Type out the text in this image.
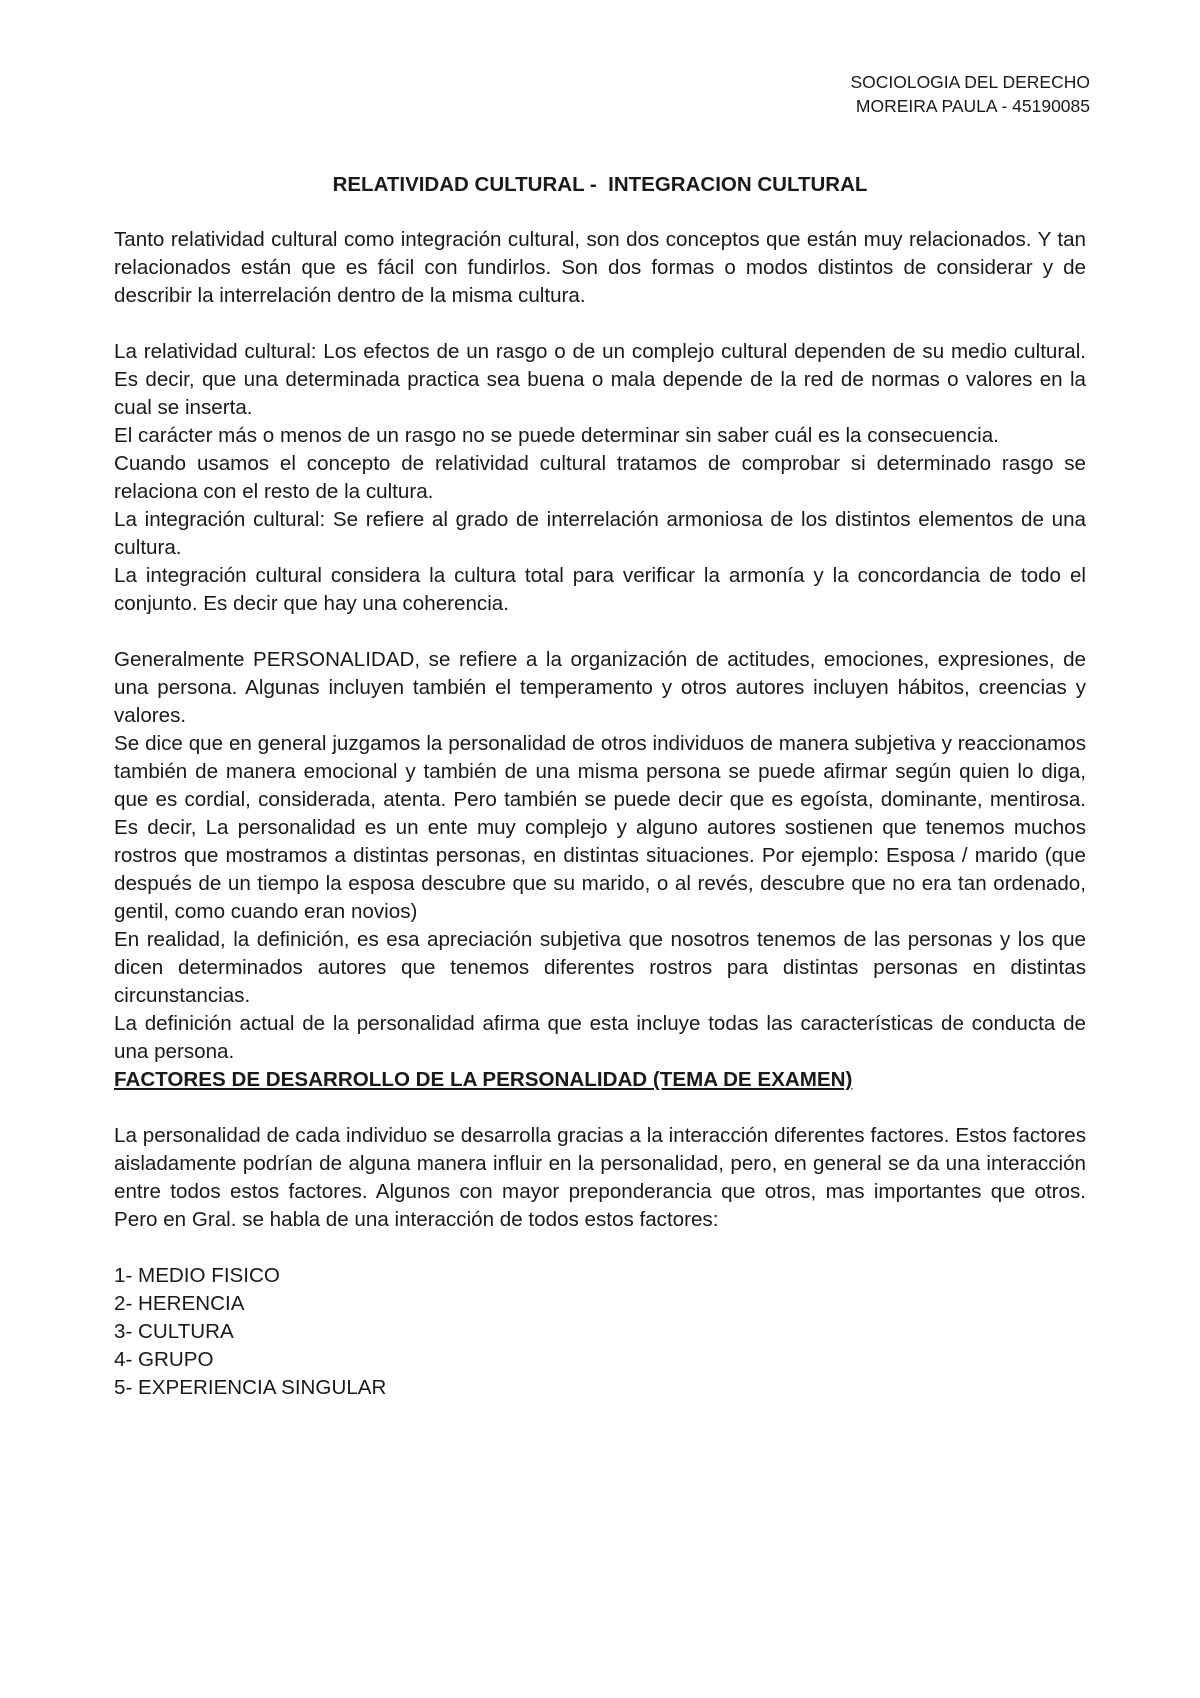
SOCIOLOGIA DEL DERECHO
MOREIRA PAULA - 45190085
RELATIVIDAD CULTURAL -  INTEGRACION CULTURAL

Tanto relatividad cultural como integración cultural, son dos conceptos que están muy relacionados. Y tan relacionados están que es fácil con fundirlos. Son dos formas o modos distintos de considerar y de describir la interrelación dentro de la misma cultura.

La relatividad cultural: Los efectos de un rasgo o de un complejo cultural dependen de su medio cultural. Es decir, que una determinada practica sea buena o mala depende de la red de normas o valores en la cual se inserta.

El carácter más o menos de un rasgo no se puede determinar sin saber cuál es la consecuencia.

Cuando usamos el concepto de relatividad cultural tratamos de comprobar si determinado rasgo se relaciona con el resto de la cultura.

La integración cultural: Se refiere al grado de interrelación armoniosa de los distintos elementos de una cultura.

La integración cultural considera la cultura total para verificar la armonía y la concordancia de todo el conjunto. Es decir que hay una coherencia.

Generalmente PERSONALIDAD, se refiere a la organización de actitudes, emociones, expresiones, de una persona. Algunas incluyen también el temperamento y otros autores incluyen hábitos, creencias y valores.

Se dice que en general juzgamos la personalidad de otros individuos de manera subjetiva y reaccionamos también de manera emocional y también de una misma persona se puede afirmar según quien lo diga, que es cordial, considerada, atenta. Pero también se puede decir que es egoísta, dominante, mentirosa. Es decir, La personalidad es un ente muy complejo y alguno autores sostienen que tenemos muchos rostros que mostramos a distintas personas, en distintas situaciones. Por ejemplo: Esposa / marido (que después de un tiempo la esposa descubre que su marido, o al revés, descubre que no era tan ordenado, gentil, como cuando eran novios)

En realidad, la definición, es esa apreciación subjetiva que nosotros tenemos de las personas y los que dicen determinados autores que tenemos diferentes rostros para distintas personas en distintas circunstancias.

La definición actual de la personalidad afirma que esta incluye todas las características de conducta de una persona.

FACTORES DE DESARROLLO DE LA PERSONALIDAD (TEMA DE EXAMEN)

La personalidad de cada individuo se desarrolla gracias a la interacción diferentes factores. Estos factores aisladamente podrían de alguna manera influir en la personalidad, pero, en general se da una interacción entre todos estos factores. Algunos con mayor preponderancia que otros, mas importantes que otros. Pero en Gral. se habla de una interacción de todos estos factores:

1- MEDIO FISICO
2- HERENCIA
3- CULTURA
4- GRUPO
5- EXPERIENCIA SINGULAR
